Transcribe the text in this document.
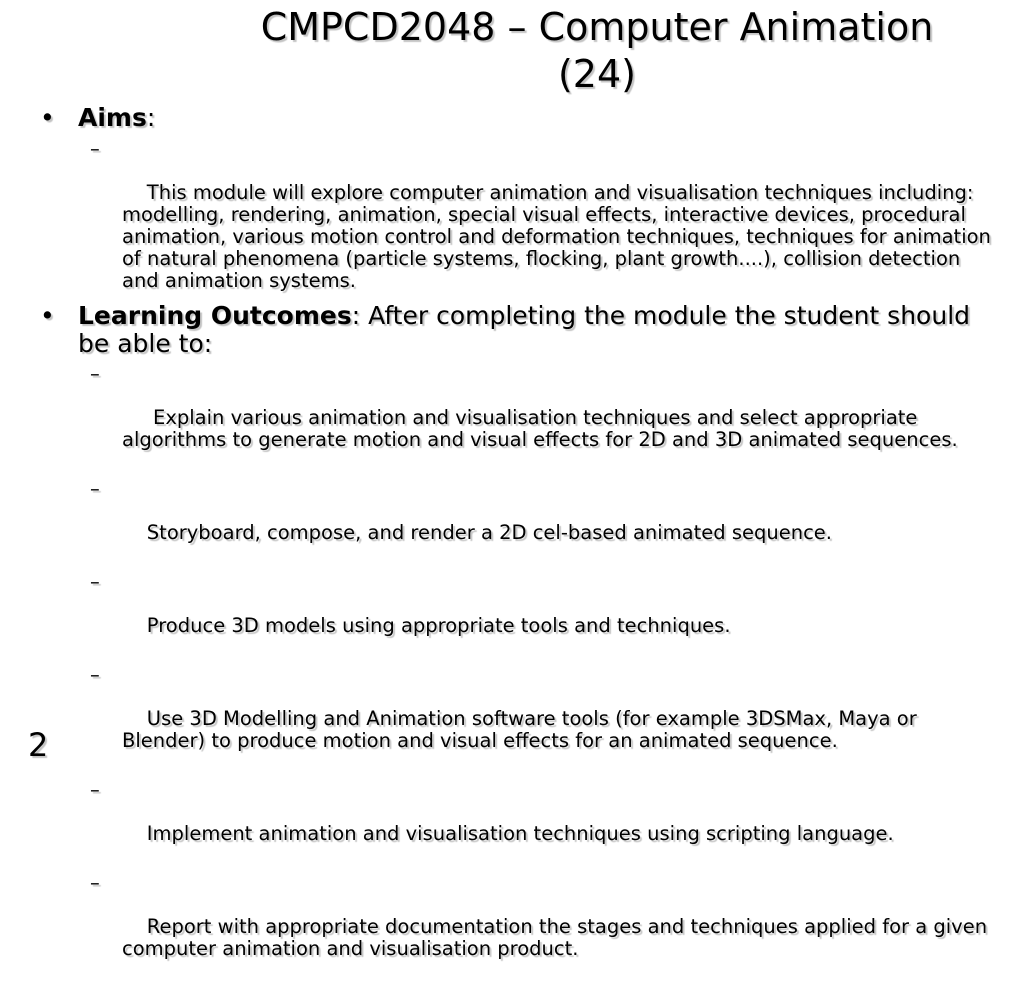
CMPCD2048 – Computer Animation
(24)
• Aims:

–

This module will explore computer animation and visualisation techniques including: modelling, rendering, animation, special visual effects, interactive devices, procedural animation, various motion control and deformation techniques, techniques for animation of natural phenomena (particle systems, flocking, plant growth....), collision detection and animation systems.

• Learning Outcomes: After completing the module the student should be able to:

–

Explain various animation and visualisation techniques and select appropriate algorithms to generate motion and visual effects for 2D and 3D animated sequences.

–

Storyboard, compose, and render a 2D cel-based animated sequence.

–

Produce 3D models using appropriate tools and techniques.

–

Use 3D Modelling and Animation software tools (for example 3DSMax, Maya or Blender) to produce motion and visual effects for an animated sequence.

–

Implement animation and visualisation techniques using scripting language.

–

Report with appropriate documentation the stages and techniques applied for a given computer animation and visualisation product.

2
